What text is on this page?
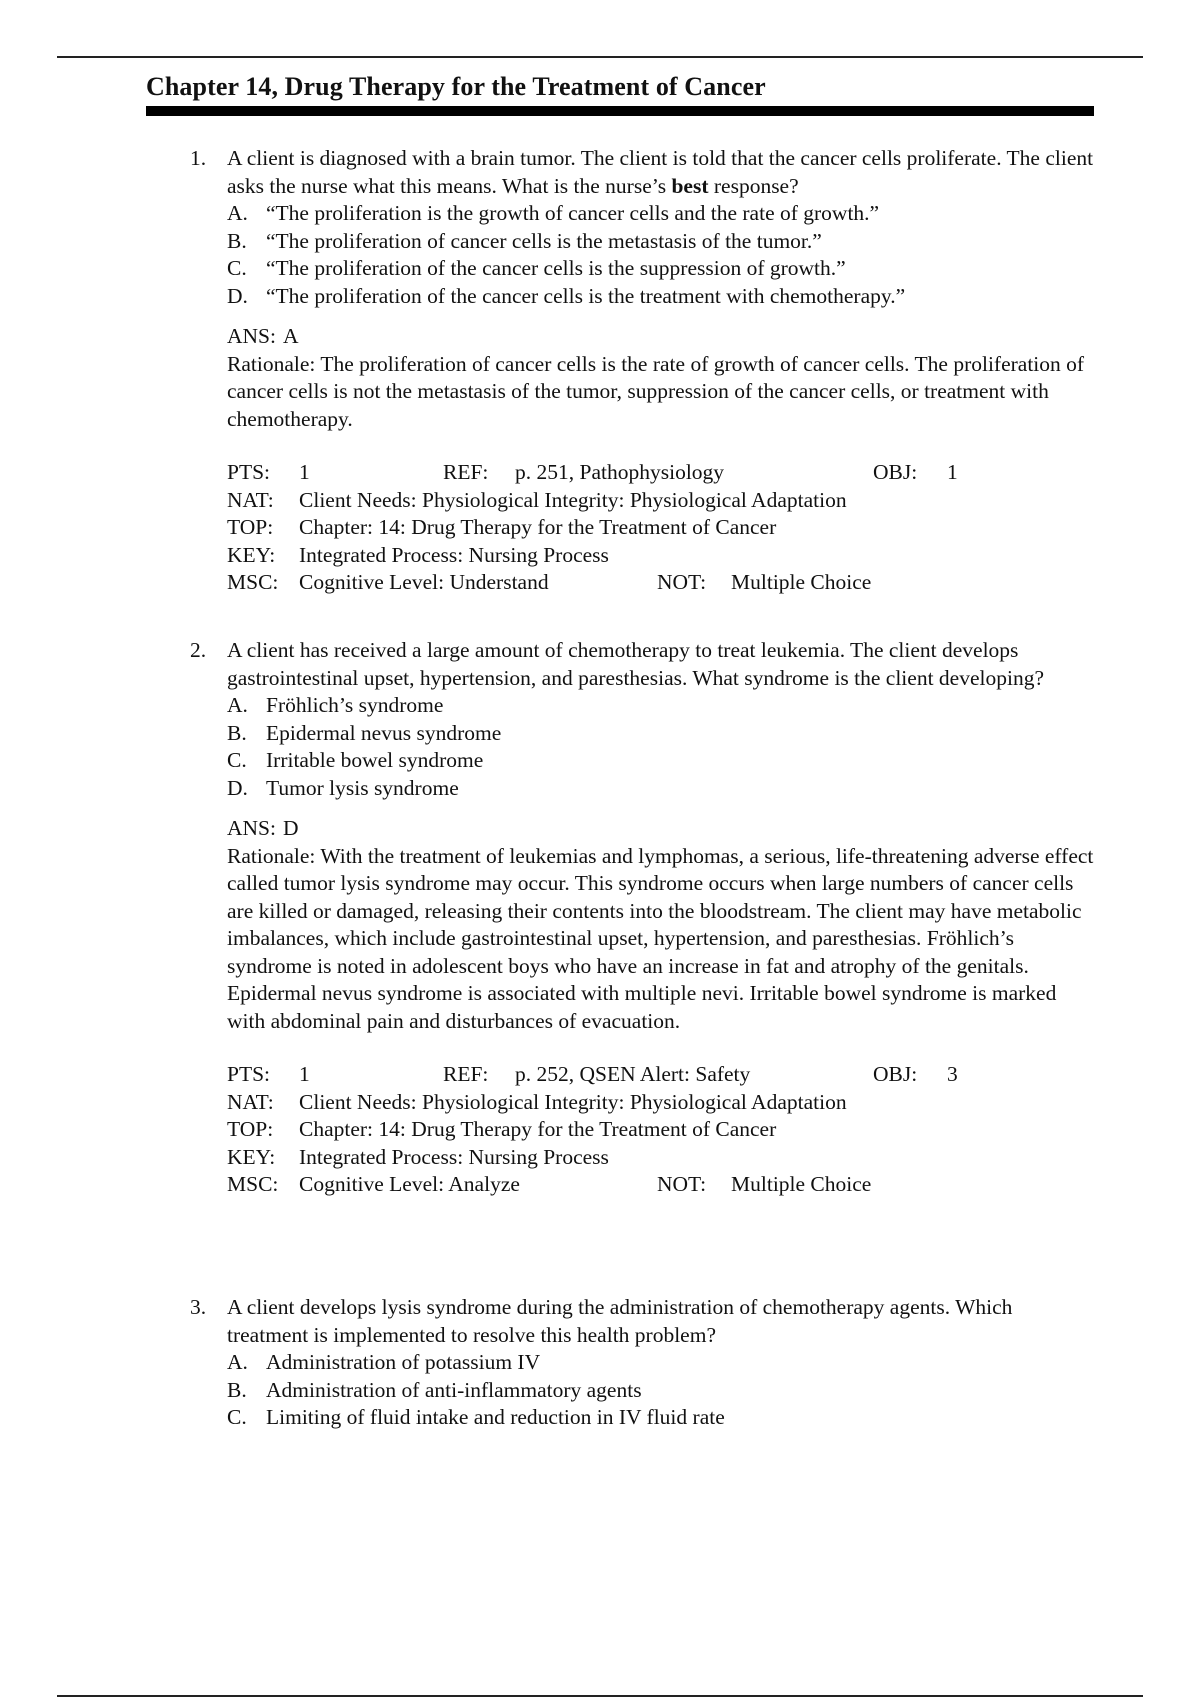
Chapter 14, Drug Therapy for the Treatment of Cancer
1. A client is diagnosed with a brain tumor. The client is told that the cancer cells proliferate. The client asks the nurse what this means. What is the nurse’s best response?
A. “The proliferation is the growth of cancer cells and the rate of growth.”
B. “The proliferation of cancer cells is the metastasis of the tumor.”
C. “The proliferation of the cancer cells is the suppression of growth.”
D. “The proliferation of the cancer cells is the treatment with chemotherapy.”
ANS: A
Rationale: The proliferation of cancer cells is the rate of growth of cancer cells. The proliferation of cancer cells is not the metastasis of the tumor, suppression of the cancer cells, or treatment with chemotherapy.
PTS: 1	REF: p. 251, Pathophysiology	OBJ: 1
NAT: Client Needs: Physiological Integrity: Physiological Adaptation
TOP: Chapter: 14: Drug Therapy for the Treatment of Cancer
KEY: Integrated Process: Nursing Process
MSC: Cognitive Level: Understand	NOT: Multiple Choice
2. A client has received a large amount of chemotherapy to treat leukemia. The client develops gastrointestinal upset, hypertension, and paresthesias. What syndrome is the client developing?
A. Fröhlich’s syndrome
B. Epidermal nevus syndrome
C. Irritable bowel syndrome
D. Tumor lysis syndrome
ANS: D
Rationale: With the treatment of leukemias and lymphomas, a serious, life-threatening adverse effect called tumor lysis syndrome may occur. This syndrome occurs when large numbers of cancer cells are killed or damaged, releasing their contents into the bloodstream. The client may have metabolic imbalances, which include gastrointestinal upset, hypertension, and paresthesias. Fröhlich’s syndrome is noted in adolescent boys who have an increase in fat and atrophy of the genitals. Epidermal nevus syndrome is associated with multiple nevi. Irritable bowel syndrome is marked with abdominal pain and disturbances of evacuation.
PTS: 1	REF: p. 252, QSEN Alert: Safety	OBJ: 3
NAT: Client Needs: Physiological Integrity: Physiological Adaptation
TOP: Chapter: 14: Drug Therapy for the Treatment of Cancer
KEY: Integrated Process: Nursing Process
MSC: Cognitive Level: Analyze	NOT: Multiple Choice
3. A client develops lysis syndrome during the administration of chemotherapy agents. Which treatment is implemented to resolve this health problem?
A. Administration of potassium IV
B. Administration of anti-inflammatory agents
C. Limiting of fluid intake and reduction in IV fluid rate
